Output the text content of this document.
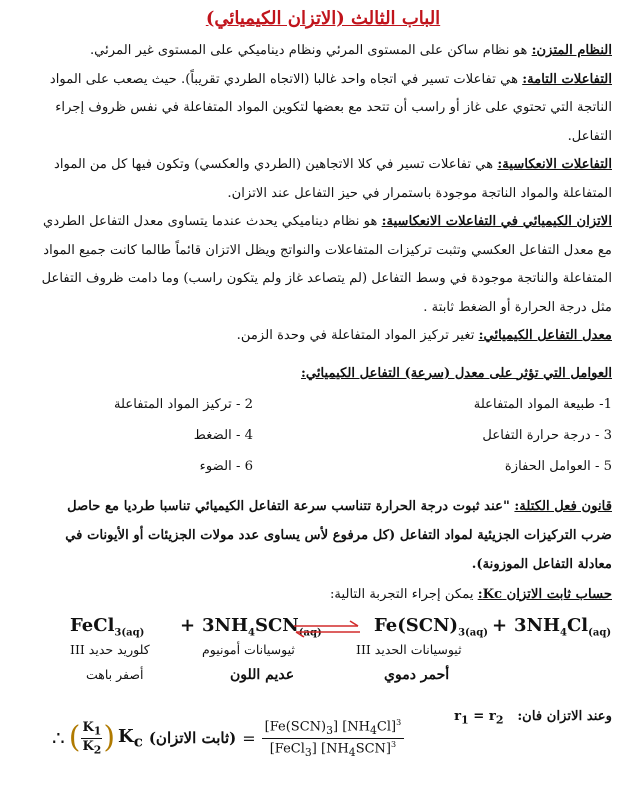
الباب الثالث (الاتزان الكيميائي)

النظام المتزن: هو نظام ساكن على المستوى المرئي ونظام ديناميكي على المستوى غير المرئي.

التفاعلات التامة: هي تفاعلات تسير في اتجاه واحد غالبا (الاتجاه الطردي تقريباً). حيث يصعب على المواد الناتجة التي تحتوي على غاز أو راسب أن تتحد مع بعضها لتكوين المواد المتفاعلة في نفس ظروف إجراء التفاعل.

التفاعلات الانعكاسية: هي تفاعلات تسير في كلا الاتجاهين (الطردي والعكسي) وتكون فيها كل من المواد المتفاعلة والمواد الناتجة موجودة باستمرار في حيز التفاعل عند الاتزان.

الاتزان الكيميائي في التفاعلات الانعكاسية: هو نظام ديناميكي يحدث عندما يتساوى معدل التفاعل الطردي مع معدل التفاعل العكسي وتثبت تركيزات المتفاعلات والنواتج ويظل الاتزان قائماً طالما كانت جميع المواد المتفاعلة والناتجة موجودة في وسط التفاعل (لم يتصاعد غاز ولم يتكون راسب) وما دامت ظروف التفاعل مثل درجة الحرارة أو الضغط ثابتة .

معدل التفاعل الكيميائي: تغير تركيز المواد المتفاعلة في وحدة الزمن.

العوامل التي تؤثر على معدل (سرعة) التفاعل الكيميائي:
1- طبيعة المواد المتفاعلة
2 - تركيز المواد المتفاعلة
3 - درجة حرارة التفاعل
4 - الضغط
5 - العوامل الحفازة
6 - الضوء

قانون فعل الكتلة: "عند ثبوت درجة الحرارة تتناسب سرعة التفاعل الكيميائي تناسبا طرديا مع حاصل ضرب التركيزات الجزيئية لمواد التفاعل (كل مرفوع لأس يساوى عدد مولات الجزيئات أو الأيونات في معادلة التفاعل الموزونة).

حساب ثابت الاتزان Kc: يمكن إجراء التجربة التالية:

FeCl$_{3(aq)}$ + $3NH_4SCN_{(aq)}$	$Fe(SCN)_{3(aq)} + 3NH_4Cl_{(aq)}$
كلوريد حديد III	ثيوسيانات أمونيوم	ثيوسيانات الحديد III
أصفر باهت	عديم اللون	أحمر دموي
وعند الاتزان فان:   $r_1 = r_2$
∴ ( $\frac{K_1}{K_2}$ ) $K_c$ (ثابت الاتزان) = $\frac{[Fe(SCN)_3] [NH_4Cl]^3}{[FeCl_3] [NH_4SCN]^3}$
